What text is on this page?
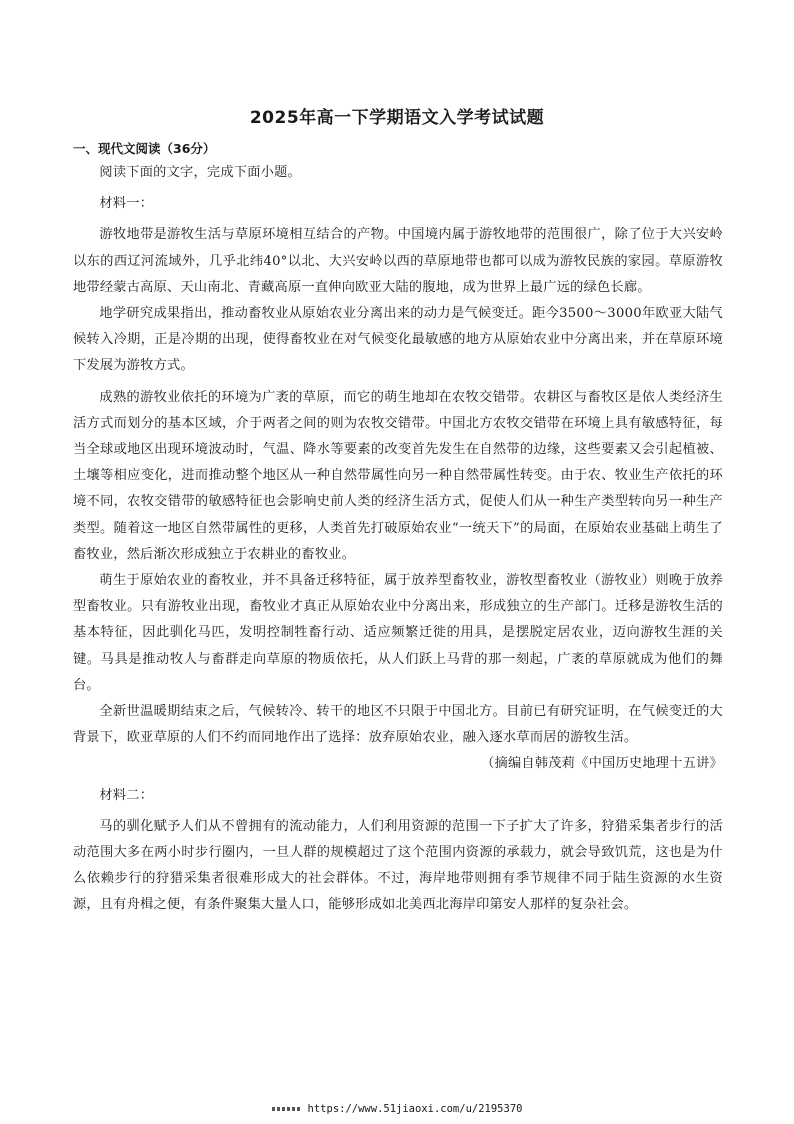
2025年高一下学期语文入学考试试题
一、现代文阅读（36分）

阅读下面的文字，完成下面小题。

材料一：

游牧地带是游牧生活与草原环境相互结合的产物。中国境内属于游牧地带的范围很广，除了位于大兴安岭以东的西辽河流域外，几乎北纬40°以北、大兴安岭以西的草原地带也都可以成为游牧民族的家园。草原游牧地带经蒙古高原、天山南北、青藏高原一直伸向欧亚大陆的腹地，成为世界上最广远的绿色长廊。

地学研究成果指出，推动畜牧业从原始农业分离出来的动力是气候变迁。距今3500～3000年欧亚大陆气候转入冷期，正是冷期的出现，使得畜牧业在对气候变化最敏感的地方从原始农业中分离出来，并在草原环境下发展为游牧方式。

成熟的游牧业依托的环境为广袤的草原，而它的萌生地却在农牧交错带。农耕区与畜牧区是依人类经济生活方式而划分的基本区域，介于两者之间的则为农牧交错带。中国北方农牧交错带在环境上具有敏感特征，每当全球或地区出现环境波动时，气温、降水等要素的改变首先发生在自然带的边缘，这些要素又会引起植被、土壤等相应变化，进而推动整个地区从一种自然带属性向另一种自然带属性转变。由于农、牧业生产依托的环境不同，农牧交错带的敏感特征也会影响史前人类的经济生活方式，促使人们从一种生产类型转向另一种生产类型。随着这一地区自然带属性的更移，人类首先打破原始农业“一统天下”的局面，在原始农业基础上萌生了畜牧业，然后渐次形成独立于农耕业的畜牧业。

萌生于原始农业的畜牧业，并不具备迁移特征，属于放养型畜牧业，游牧型畜牧业（游牧业）则晚于放养型畜牧业。只有游牧业出现，畜牧业才真正从原始农业中分离出来，形成独立的生产部门。迁移是游牧生活的基本特征，因此驯化马匹，发明控制牲畜行动、适应频繁迁徙的用具，是摆脱定居农业，迈向游牧生涯的关键。马具是推动牧人与畜群走向草原的物质依托，从人们跃上马背的那一刻起，广袤的草原就成为他们的舞台。

全新世温暖期结束之后，气候转冷、转干的地区不只限于中国北方。目前已有研究证明，在气候变迁的大背景下，欧亚草原的人们不约而同地作出了选择：放弃原始农业，融入逐水草而居的游牧生活。

（摘编自韩茂莉《中国历史地理十五讲》

材料二：

马的驯化赋予人们从不曾拥有的流动能力，人们利用资源的范围一下子扩大了许多，狩猎采集者步行的活动范围大多在两小时步行圈内，一旦人群的规模超过了这个范围内资源的承载力，就会导致饥荒，这也是为什么依赖步行的狩猎采集者很难形成大的社会群体。不过，海岸地带则拥有季节规律不同于陆生资源的水生资源，且有舟楫之便，有条件聚集大量人口，能够形成如北美西北海岸印第安人那样的复杂社会。

https://www.51jiaoxi.com/u/2195370
